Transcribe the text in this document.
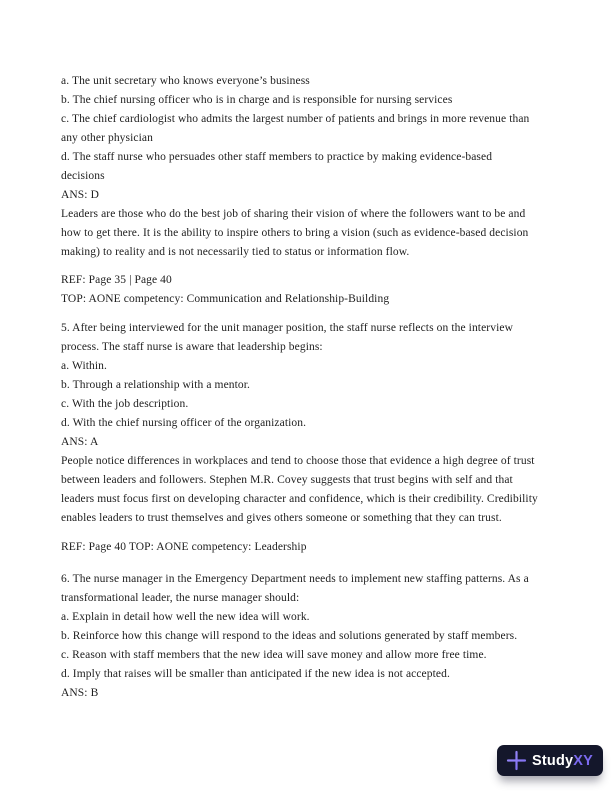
a. The unit secretary who knows everyone’s business
b. The chief nursing officer who is in charge and is responsible for nursing services
c. The chief cardiologist who admits the largest number of patients and brings in more revenue than
any other physician
d. The staff nurse who persuades other staff members to practice by making evidence-based
decisions
ANS: D
Leaders are those who do the best job of sharing their vision of where the followers want to be and
how to get there. It is the ability to inspire others to bring a vision (such as evidence-based decision
making) to reality and is not necessarily tied to status or information flow.
REF: Page 35 | Page 40
TOP: AONE competency: Communication and Relationship-Building
5. After being interviewed for the unit manager position, the staff nurse reflects on the interview
process. The staff nurse is aware that leadership begins:
a. Within.
b. Through a relationship with a mentor.
c. With the job description.
d. With the chief nursing officer of the organization.
ANS: A
People notice differences in workplaces and tend to choose those that evidence a high degree of trust
between leaders and followers. Stephen M.R. Covey suggests that trust begins with self and that
leaders must focus first on developing character and confidence, which is their credibility. Credibility
enables leaders to trust themselves and gives others someone or something that they can trust.
REF: Page 40 TOP: AONE competency: Leadership
6. The nurse manager in the Emergency Department needs to implement new staffing patterns. As a
transformational leader, the nurse manager should:
a. Explain in detail how well the new idea will work.
b. Reinforce how this change will respond to the ideas and solutions generated by staff members.
c. Reason with staff members that the new idea will save money and allow more free time.
d. Imply that raises will be smaller than anticipated if the new idea is not accepted.
ANS: B
StudyXY
